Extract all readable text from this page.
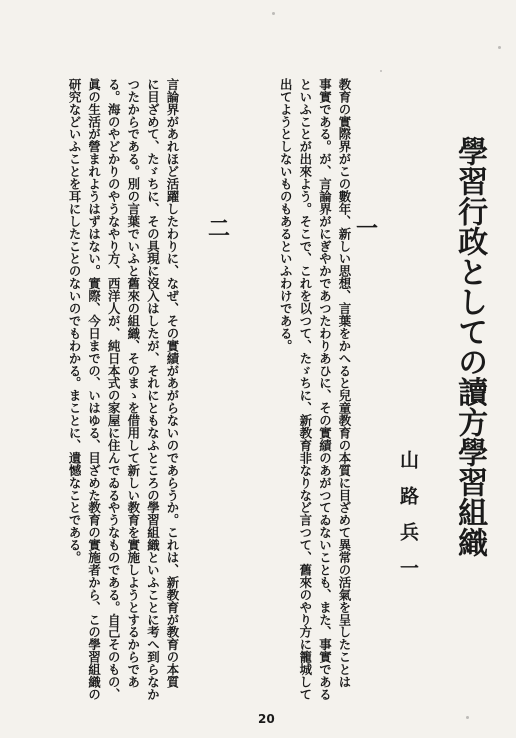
學習行政としての讀方學習組織
山路兵一
一

教育の實際界がこの數年、新しい思想、言葉をかへると兒童教育の本質に目ざめて異常の活氣を呈したことは

事實である。が、言論界がにぎやかであつたわりあひに、その實績のあがつてゐないことも、また、事實である

といふことが出來よう。そこで、これを以つて、たゞちに、新教育非なりなど言つて、舊來のやり方に籠城して

出てようとしないものもあるといふわけである。

二

言論界があれほど活躍したわりに、なぜ、その實績があがらないのであらうか。これは、新教育が教育の本質

に目ざめて、たゞちに、その具現に沒入はしたが、それにともなふところの學習組織といふことに考へ到らなか

つたからである。別の言葉でいふと舊來の組織、そのまゝを借用して新しい教育を實施しようとするからであ

る。海のやどかりのやうなやり方、西洋人が、純日本式の家屋に住んでゐるやうなものである。自己そのもの、

眞の生活が營まれようはずはない。實際、今日までの、いはゆる、目ざめた教育の實施者から、この學習組織の

研究などいふことを耳にしたことのないのでもわかる。まことに、遺憾なことである。

20
